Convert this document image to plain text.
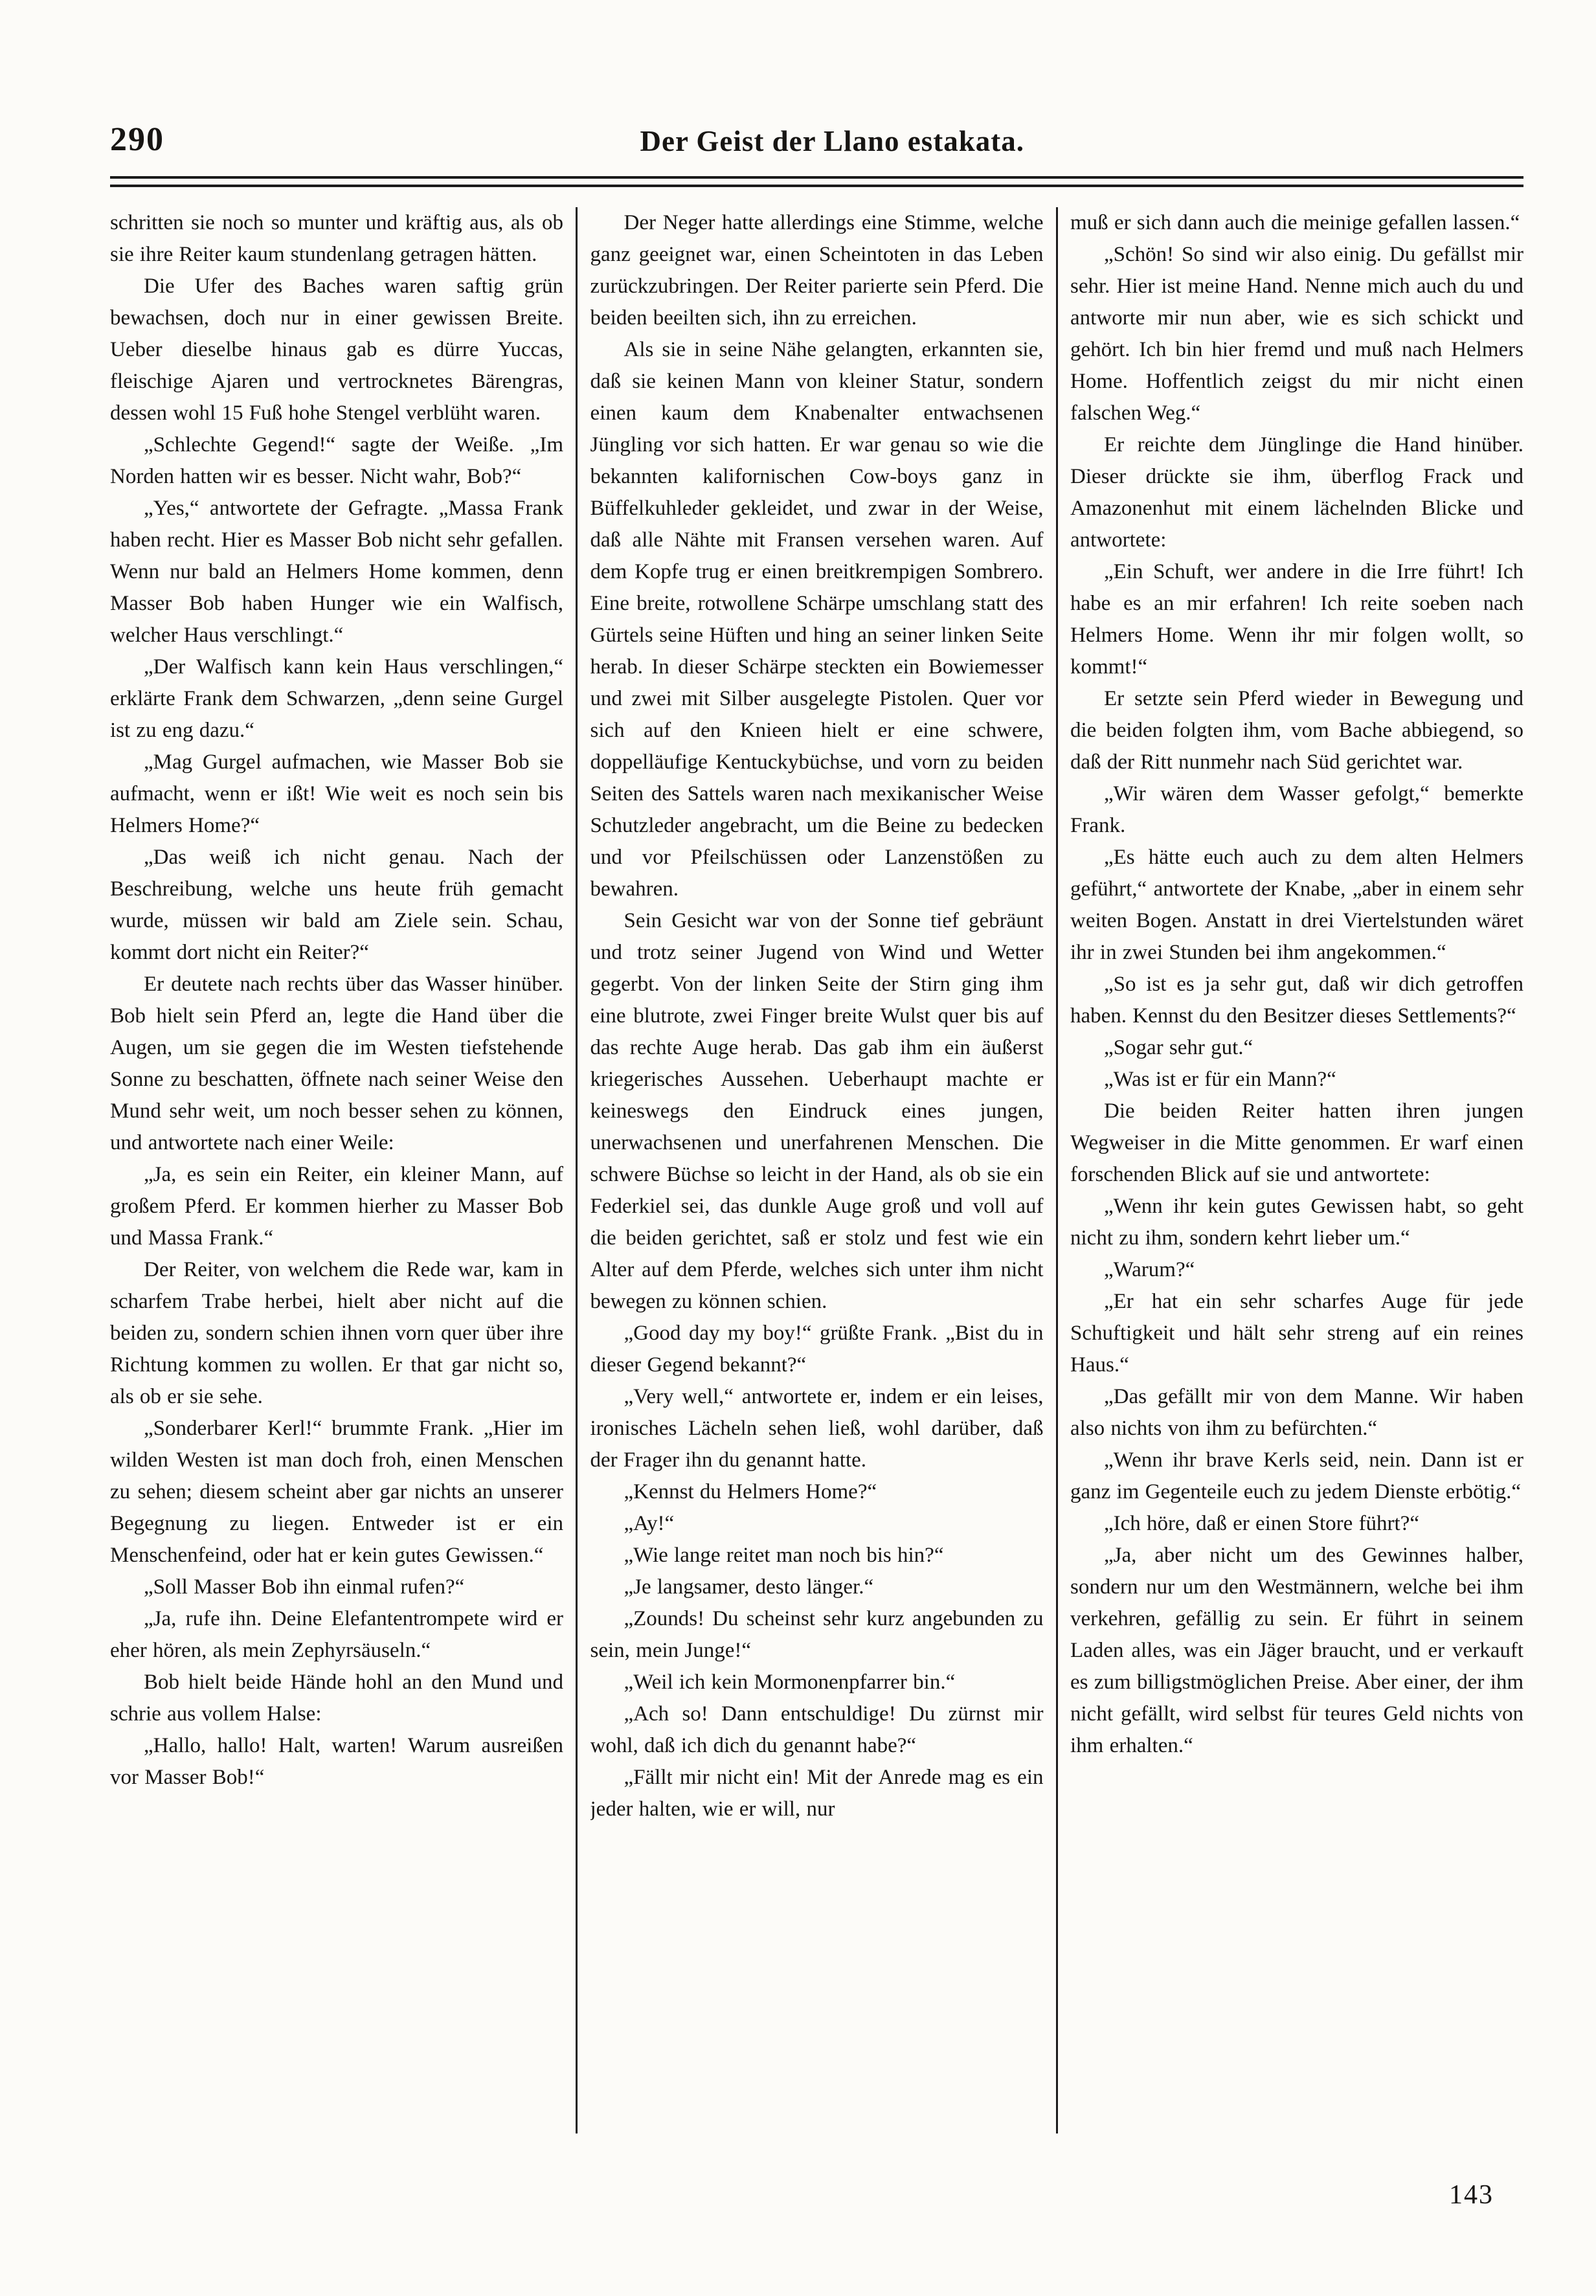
290	Der Geist der Llano estakata.

schritten sie noch so munter und kräftig aus, als ob sie ihre Reiter kaum stundenlang getragen hätten.

Die Ufer des Baches waren saftig grün bewachsen, doch nur in einer gewissen Breite. Ueber dieselbe hinaus gab es dürre Yuccas, fleischige Ajaren und vertrocknetes Bärengras, dessen wohl 15 Fuß hohe Stengel verblüht waren.

„Schlechte Gegend!“ sagte der Weiße. „Im Norden hatten wir es besser. Nicht wahr, Bob?“

„Yes,“ antwortete der Gefragte. „Massa Frank haben recht. Hier es Masser Bob nicht sehr gefallen. Wenn nur bald an Helmers Home kommen, denn Masser Bob haben Hunger wie ein Walfisch, welcher Haus verschlingt.“

„Der Walfisch kann kein Haus verschlingen,“ erklärte Frank dem Schwarzen, „denn seine Gurgel ist zu eng dazu.“

„Mag Gurgel aufmachen, wie Masser Bob sie aufmacht, wenn er ißt! Wie weit es noch sein bis Helmers Home?“

„Das weiß ich nicht genau. Nach der Beschreibung, welche uns heute früh gemacht wurde, müssen wir bald am Ziele sein. Schau, kommt dort nicht ein Reiter?“

Er deutete nach rechts über das Wasser hinüber. Bob hielt sein Pferd an, legte die Hand über die Augen, um sie gegen die im Westen tiefstehende Sonne zu beschatten, öffnete nach seiner Weise den Mund sehr weit, um noch besser sehen zu können, und antwortete nach einer Weile:

„Ja, es sein ein Reiter, ein kleiner Mann, auf großem Pferd. Er kommen hierher zu Masser Bob und Massa Frank.“

Der Reiter, von welchem die Rede war, kam in scharfem Trabe herbei, hielt aber nicht auf die beiden zu, sondern schien ihnen vorn quer über ihre Richtung kommen zu wollen. Er that gar nicht so, als ob er sie sehe.

„Sonderbarer Kerl!“ brummte Frank. „Hier im wilden Westen ist man doch froh, einen Menschen zu sehen; diesem scheint aber gar nichts an unserer Begegnung zu liegen. Entweder ist er ein Menschenfeind, oder hat er kein gutes Gewissen.“

„Soll Masser Bob ihn einmal rufen?“

„Ja, rufe ihn. Deine Elefantentrompete wird er eher hören, als mein Zephyrsäuseln.“

Bob hielt beide Hände hohl an den Mund und schrie aus vollem Halse:

„Hallo, hallo! Halt, warten! Warum ausreißen vor Masser Bob!“

Der Neger hatte allerdings eine Stimme, welche ganz geeignet war, einen Scheintoten in das Leben zurückzubringen. Der Reiter parierte sein Pferd. Die beiden beeilten sich, ihn zu erreichen.

Als sie in seine Nähe gelangten, erkannten sie, daß sie keinen Mann von kleiner Statur, sondern einen kaum dem Knabenalter entwachsenen Jüngling vor sich hatten. Er war genau so wie die bekannten kalifornischen Cow-boys ganz in Büffelkuhleder gekleidet, und zwar in der Weise, daß alle Nähte mit Fransen versehen waren. Auf dem Kopfe trug er einen breitkrempigen Sombrero. Eine breite, rotwollene Schärpe umschlang statt des Gürtels seine Hüften und hing an seiner linken Seite herab. In dieser Schärpe steckten ein Bowiemesser und zwei mit Silber ausgelegte Pistolen. Quer vor sich auf den Knieen hielt er eine schwere, doppelläufige Kentuckybüchse, und vorn zu beiden Seiten des Sattels waren nach mexikanischer Weise Schutzleder angebracht, um die Beine zu bedecken und vor Pfeilschüssen oder Lanzenstößen zu bewahren.

Sein Gesicht war von der Sonne tief gebräunt und trotz seiner Jugend von Wind und Wetter gegerbt. Von der linken Seite der Stirn ging ihm eine blutrote, zwei Finger breite Wulst quer bis auf das rechte Auge herab. Das gab ihm ein äußerst kriegerisches Aussehen. Ueberhaupt machte er keineswegs den Eindruck eines jungen, unerwachsenen und unerfahrenen Menschen. Die schwere Büchse so leicht in der Hand, als ob sie ein Federkiel sei, das dunkle Auge groß und voll auf die beiden gerichtet, saß er stolz und fest wie ein Alter auf dem Pferde, welches sich unter ihm nicht bewegen zu können schien.

„Good day my boy!“ grüßte Frank. „Bist du in dieser Gegend bekannt?“

„Very well,“ antwortete er, indem er ein leises, ironisches Lächeln sehen ließ, wohl darüber, daß der Frager ihn du genannt hatte.

„Kennst du Helmers Home?“

„Ay!“

„Wie lange reitet man noch bis hin?“

„Je langsamer, desto länger.“

„Zounds! Du scheinst sehr kurz angebunden zu sein, mein Junge!“

„Weil ich kein Mormonenpfarrer bin.“

„Ach so! Dann entschuldige! Du zürnst mir wohl, daß ich dich du genannt habe?“

„Fällt mir nicht ein! Mit der Anrede mag es ein jeder halten, wie er will, nur

muß er sich dann auch die meinige gefallen lassen.“

„Schön! So sind wir also einig. Du gefällst mir sehr. Hier ist meine Hand. Nenne mich auch du und antworte mir nun aber, wie es sich schickt und gehört. Ich bin hier fremd und muß nach Helmers Home. Hoffentlich zeigst du mir nicht einen falschen Weg.“

Er reichte dem Jünglinge die Hand hinüber. Dieser drückte sie ihm, überflog Frack und Amazonenhut mit einem lächelnden Blicke und antwortete:

„Ein Schuft, wer andere in die Irre führt! Ich habe es an mir erfahren! Ich reite soeben nach Helmers Home. Wenn ihr mir folgen wollt, so kommt!“

Er setzte sein Pferd wieder in Bewegung und die beiden folgten ihm, vom Bache abbiegend, so daß der Ritt nunmehr nach Süd gerichtet war.

„Wir wären dem Wasser gefolgt,“ bemerkte Frank.

„Es hätte euch auch zu dem alten Helmers geführt,“ antwortete der Knabe, „aber in einem sehr weiten Bogen. Anstatt in drei Viertelstunden wäret ihr in zwei Stunden bei ihm angekommen.“

„So ist es ja sehr gut, daß wir dich getroffen haben. Kennst du den Besitzer dieses Settlements?“

„Sogar sehr gut.“

„Was ist er für ein Mann?“

Die beiden Reiter hatten ihren jungen Wegweiser in die Mitte genommen. Er warf einen forschenden Blick auf sie und antwortete:

„Wenn ihr kein gutes Gewissen habt, so geht nicht zu ihm, sondern kehrt lieber um.“

„Warum?“

„Er hat ein sehr scharfes Auge für jede Schuftigkeit und hält sehr streng auf ein reines Haus.“

„Das gefällt mir von dem Manne. Wir haben also nichts von ihm zu befürchten.“

„Wenn ihr brave Kerls seid, nein. Dann ist er ganz im Gegenteile euch zu jedem Dienste erbötig.“

„Ich höre, daß er einen Store führt?“

„Ja, aber nicht um des Gewinnes halber, sondern nur um den Westmännern, welche bei ihm verkehren, gefällig zu sein. Er führt in seinem Laden alles, was ein Jäger braucht, und er verkauft es zum billigstmöglichen Preise. Aber einer, der ihm nicht gefällt, wird selbst für teures Geld nichts von ihm erhalten.“

143
